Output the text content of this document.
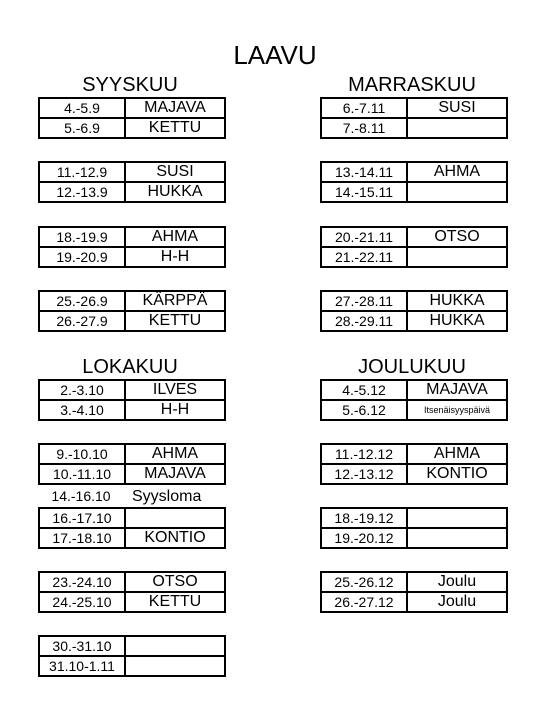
LAAVU
SYYSKUU	MARRASKUU
LOKAKUU	JOULUKUU
4.-5.9	MAJAVA
5.-6.9	KETTU
11.-12.9	SUSI
12.-13.9	HUKKA
18.-19.9	AHMA
19.-20.9	H-H
25.-26.9	KÄRPPÄ
26.-27.9	KETTU
2.-3.10	ILVES
3.-4.10	H-H
9.-10.10	AHMA
10.-11.10	MAJAVA
14.-16.10 Syysloma
16.-17.10	
17.-18.10	KONTIO
23.-24.10	OTSO
24.-25.10	KETTU
30.-31.10	
31.10-1.11	
6.-7.11	SUSI
7.-8.11	
13.-14.11	AHMA
14.-15.11	
20.-21.11	OTSO
21.-22.11	
27.-28.11	HUKKA
28.-29.11	HUKKA
4.-5.12	MAJAVA
5.-6.12	Itsenäisyyspäivä
11.-12.12	AHMA
12.-13.12	KONTIO
18.-19.12	
19.-20.12	
25.-26.12	Joulu
26.-27.12	Joulu
